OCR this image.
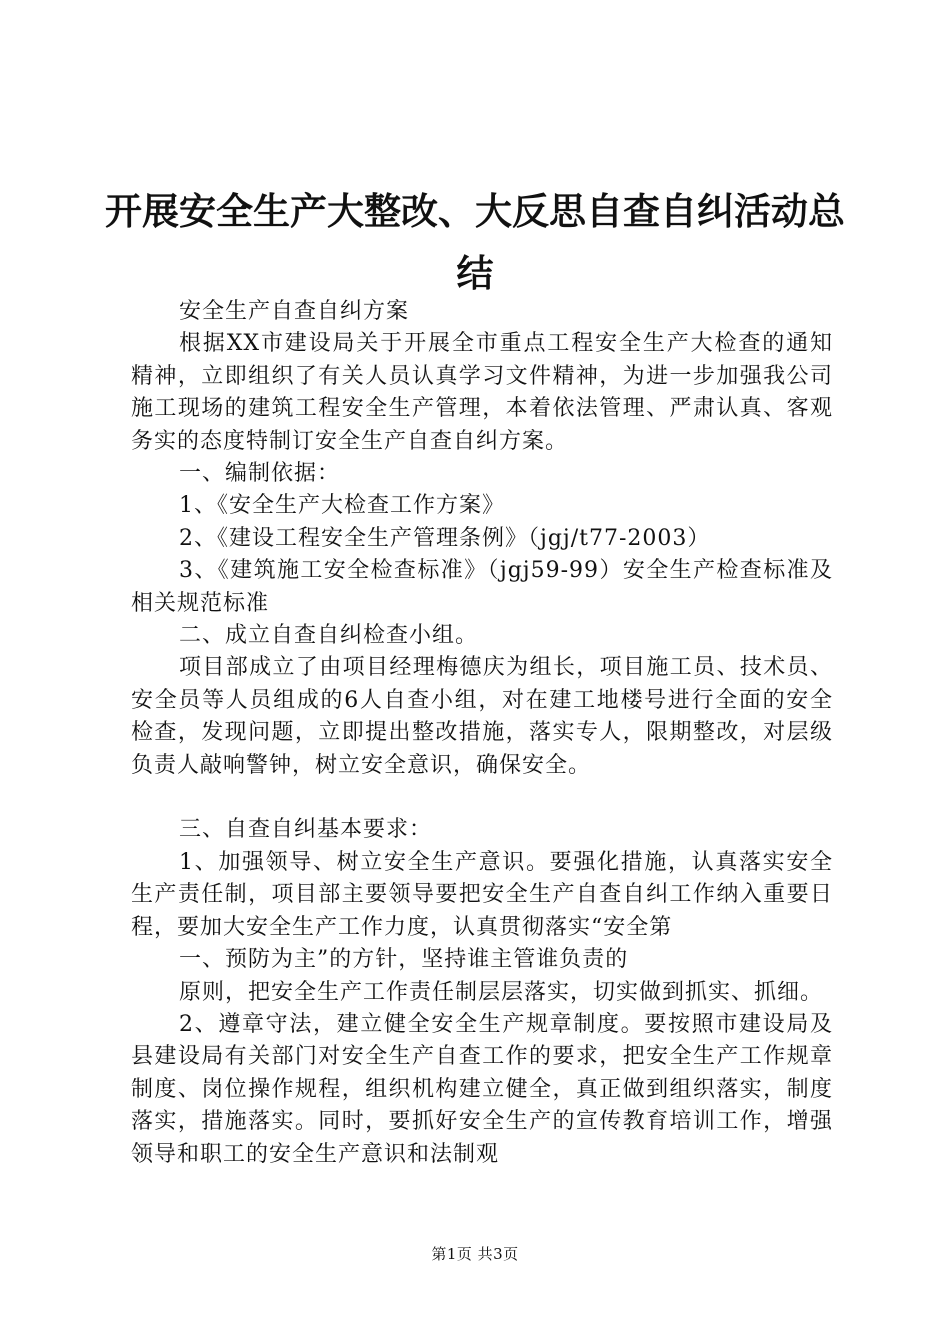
开展安全生产大整改、大反思自查自纠活动总
结

安全生产自查自纠方案

根据XX市建设局关于开展全市重点工程安全生产大检查的通知精神，立即组织了有关人员认真学习文件精神，为进一步加强我公司施工现场的建筑工程安全生产管理，本着依法管理、严肃认真、客观务实的态度特制订安全生产自查自纠方案。

一、编制依据：

1、《安全生产大检查工作方案》

2、《建设工程安全生产管理条例》（jgj/t77-2003）

3、《建筑施工安全检查标准》（jgj59-99）安全生产检查标准及相关规范标准

二、成立自查自纠检查小组。

项目部成立了由项目经理梅德庆为组长，项目施工员、技术员、安全员等人员组成的6人自查小组，对在建工地楼号进行全面的安全检查，发现问题，立即提出整改措施，落实专人，限期整改，对层级负责人敲响警钟，树立安全意识，确保安全。

三、自查自纠基本要求：

1、加强领导、树立安全生产意识。要强化措施，认真落实安全生产责任制，项目部主要领导要把安全生产自查自纠工作纳入重要日程，要加大安全生产工作力度，认真贯彻落实“安全第

一、预防为主”的方针，坚持谁主管谁负责的

原则，把安全生产工作责任制层层落实，切实做到抓实、抓细。

2、遵章守法，建立健全安全生产规章制度。要按照市建设局及县建设局有关部门对安全生产自查工作的要求，把安全生产工作规章制度、岗位操作规程，组织机构建立健全，真正做到组织落实，制度落实，措施落实。同时，要抓好安全生产的宣传教育培训工作，增强领导和职工的安全生产意识和法制观

第1页 共3页
